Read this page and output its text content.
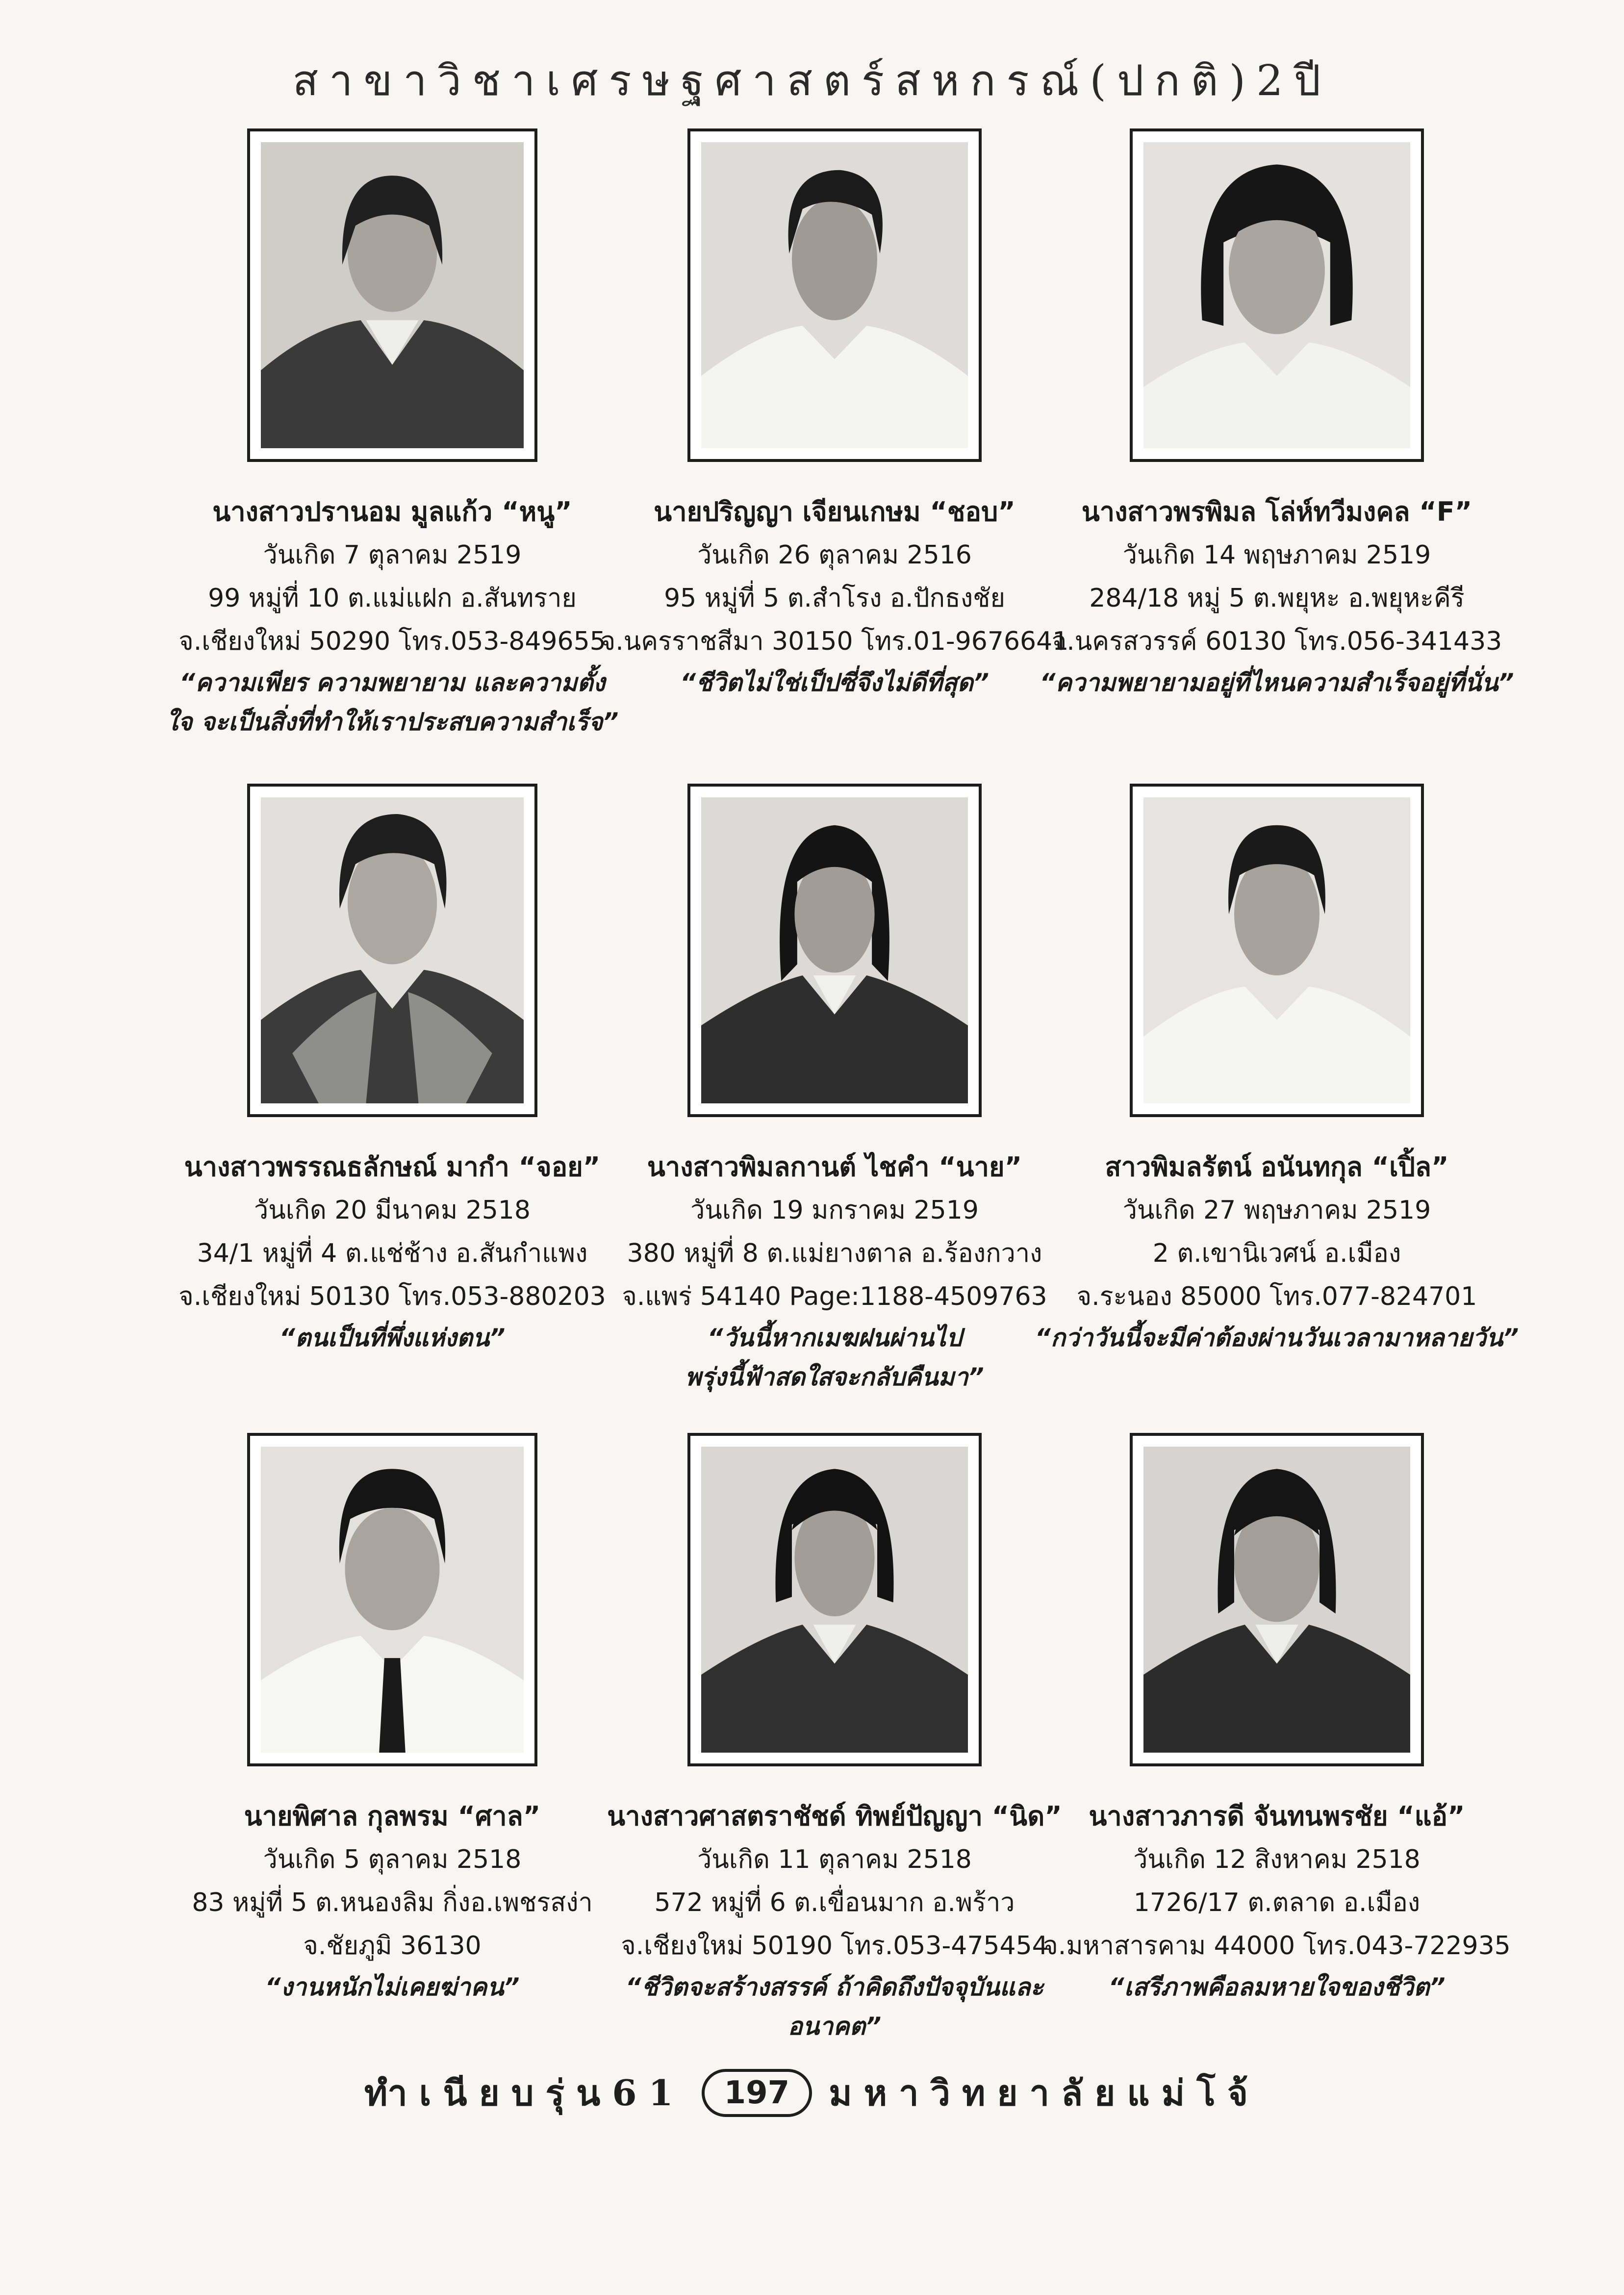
สาขาวิชาเศรษฐศาสตร์สหกรณ์(ปกติ)2ปี
นางสาวปรานอม มูลแก้ว “หนู”
วันเกิด 7 ตุลาคม 2519
99 หมู่ที่ 10 ต.แม่แฝก อ.สันทราย
จ.เชียงใหม่ 50290 โทร.053-849655
“ความเพียร ความพยายาม และความตั้ง
ใจ จะเป็นสิ่งที่ทำให้เราประสบความสำเร็จ”
นายปริญญา เจียนเกษม “ชอบ”
วันเกิด 26 ตุลาคม 2516
95 หมู่ที่ 5 ต.สำโรง อ.ปักธงชัย
จ.นครราชสีมา 30150 โทร.01-9676641
“ชีวิตไม่ใช่เป็ปซี่จึงไม่ดีที่สุด”
นางสาวพรพิมล โล่ห์ทวีมงคล “F”
วันเกิด 14 พฤษภาคม 2519
284/18 หมู่ 5 ต.พยุหะ อ.พยุหะคีรี
จ.นครสวรรค์ 60130 โทร.056-341433
“ความพยายามอยู่ที่ไหนความสำเร็จอยู่ที่นั่น”
นางสาวพรรณธลักษณ์ มากำ “จอย”
วันเกิด 20 มีนาคม 2518
34/1 หมู่ที่ 4 ต.แช่ช้าง อ.สันกำแพง
จ.เชียงใหม่ 50130 โทร.053-880203
“ตนเป็นที่พึ่งแห่งตน”
นางสาวพิมลกานต์ ไชคำ “นาย”
วันเกิด 19 มกราคม 2519
380 หมู่ที่ 8 ต.แม่ยางตาล อ.ร้องกวาง
จ.แพร่ 54140 Page:1188-4509763
“วันนี้หากเมฆฝนผ่านไป
พรุ่งนี้ฟ้าสดใสจะกลับคืนมา”
สาวพิมลรัตน์ อนันทกุล “เปิ้ล”
วันเกิด 27 พฤษภาคม 2519
2 ต.เขานิเวศน์ อ.เมือง
จ.ระนอง 85000 โทร.077-824701
“กว่าวันนี้จะมีค่าต้องผ่านวันเวลามาหลายวัน”
นายพิศาล กุลพรม “ศาล”
วันเกิด 5 ตุลาคม 2518
83 หมู่ที่ 5 ต.หนองลิม กิ่งอ.เพชรสง่า
จ.ชัยภูมิ 36130
“งานหนักไม่เคยฆ่าคน”
นางสาวศาสตราชัชด์ ทิพย์ปัญญา “นิด”
วันเกิด 11 ตุลาคม 2518
572 หมู่ที่ 6 ต.เขื่อนมาก อ.พร้าว
จ.เชียงใหม่ 50190 โทร.053-475454
“ชีวิตจะสร้างสรรค์ ถ้าคิดถึงปัจจุบันและอนาคต”
นางสาวภารดี จันทนพรชัย “แอ้”
วันเกิด 12 สิงหาคม 2518
1726/17 ต.ตลาด อ.เมือง
จ.มหาสารคาม 44000 โทร.043-722935
“เสรีภาพคือลมหายใจของชีวิต”
ทำเนียบรุ่น61	197	มหาวิทยาลัยแม่โจ้
